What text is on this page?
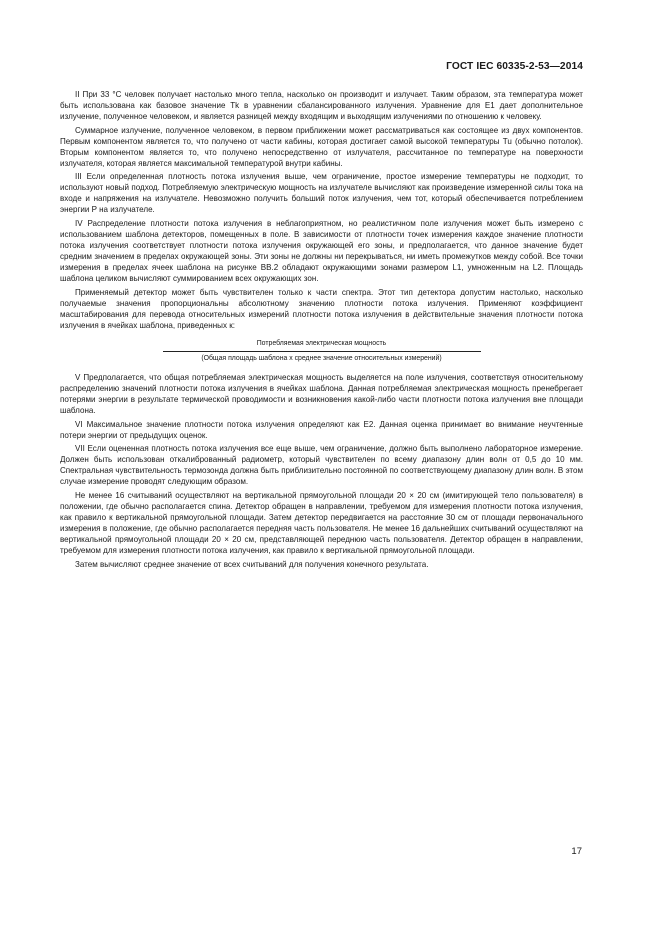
ГОСТ IEC 60335-2-53—2014

II При 33 °С человек получает настолько много тепла, насколько он производит и излучает. Таким образом, эта температура может быть использована как базовое значение Tk в уравнении сбалансированного излучения. Уравнение для E1 дает дополнительное излучение, полученное человеком, и является разницей между входящим и выходящим излучениями по отношению к человеку.

Суммарное излучение, полученное человеком, в первом приближении может рассматриваться как состоящее из двух компонентов. Первым компонентом является то, что получено от части кабины, которая достигает самой высокой температуры Tu (обычно потолок). Вторым компонентом является то, что получено непосредственно от излучателя, рассчитанное по температуре на поверхности излучателя, которая является максимальной температурой внутри кабины.

III Если определенная плотность потока излучения выше, чем ограничение, простое измерение температуры не подходит, то используют новый подход. Потребляемую электрическую мощность на излучателе вычисляют как произведение измеренной силы тока на входе и напряжения на излучателе. Невозможно получить больший поток излучения, чем тот, который обеспечивается потреблением энергии P на излучателе.

IV Распределение плотности потока излучения в неблагоприятном, но реалистичном поле излучения может быть измерено с использованием шаблона детекторов, помещенных в поле. В зависимости от плотности точек измерения каждое значение плотности потока излучения соответствует плотности потока излучения окружающей его зоны, и предполагается, что данное значение будет средним значением в пределах окружающей зоны. Эти зоны не должны ни перекрываться, ни иметь промежутков между собой. Все точки измерения в пределах ячеек шаблона на рисунке ВВ.2 обладают окружающими зонами размером L1, умноженным на L2. Площадь шаблона целиком вычисляют суммированием всех окружающих зон.

Применяемый детектор может быть чувствителен только к части спектра. Этот тип детектора допустим настолько, насколько получаемые значения пропорциональны абсолютному значению плотности потока излучения. Применяют коэффициент масштабирования для перевода относительных измерений плотности потока излучения в действительные значения плотности потока излучения в ячейках шаблона, приведенных к:

Потребляемая электрическая мощность
(Общая площадь шаблона х среднее значение относительных измерений)

V Предполагается, что общая потребляемая электрическая мощность выделяется на поле излучения, соответствуя относительному распределению значений плотности потока излучения в ячейках шаблона. Данная потребляемая электрическая мощность пренебрегает потерями энергии в результате термической проводимости и возникновения какой-либо части плотности потока излучения вне площади шаблона.

VI Максимальное значение плотности потока излучения определяют как E2. Данная оценка принимает во внимание неучтенные потери энергии от предыдущих оценок.

VII Если оцененная плотность потока излучения все еще выше, чем ограничение, должно быть выполнено лабораторное измерение. Должен быть использован откалиброванный радиометр, который чувствителен по всему диапазону длин волн от 0,5 до 10 мм. Спектральная чувствительность термозонда должна быть приблизительно постоянной по соответствующему диапазону длин волн. В этом случае измерение проводят следующим образом.

Не менее 16 считываний осуществляют на вертикальной прямоугольной площади 20 × 20 см (имитирующей тело пользователя) в положении, где обычно располагается спина. Детектор обращен в направлении, требуемом для измерения плотности потока излучения, как правило к вертикальной прямоугольной площади. Затем детектор передвигается на расстояние 30 см от площади первоначального измерения в положение, где обычно располагается передняя часть пользователя. Не менее 16 дальнейших считываний осуществляют на вертикальной прямоугольной площади 20 × 20 см, представляющей переднюю часть пользователя. Детектор обращен в направлении, требуемом для измерения плотности потока излучения, как правило к вертикальной прямоугольной площади.

Затем вычисляют среднее значение от всех считываний для получения конечного результата.

17
